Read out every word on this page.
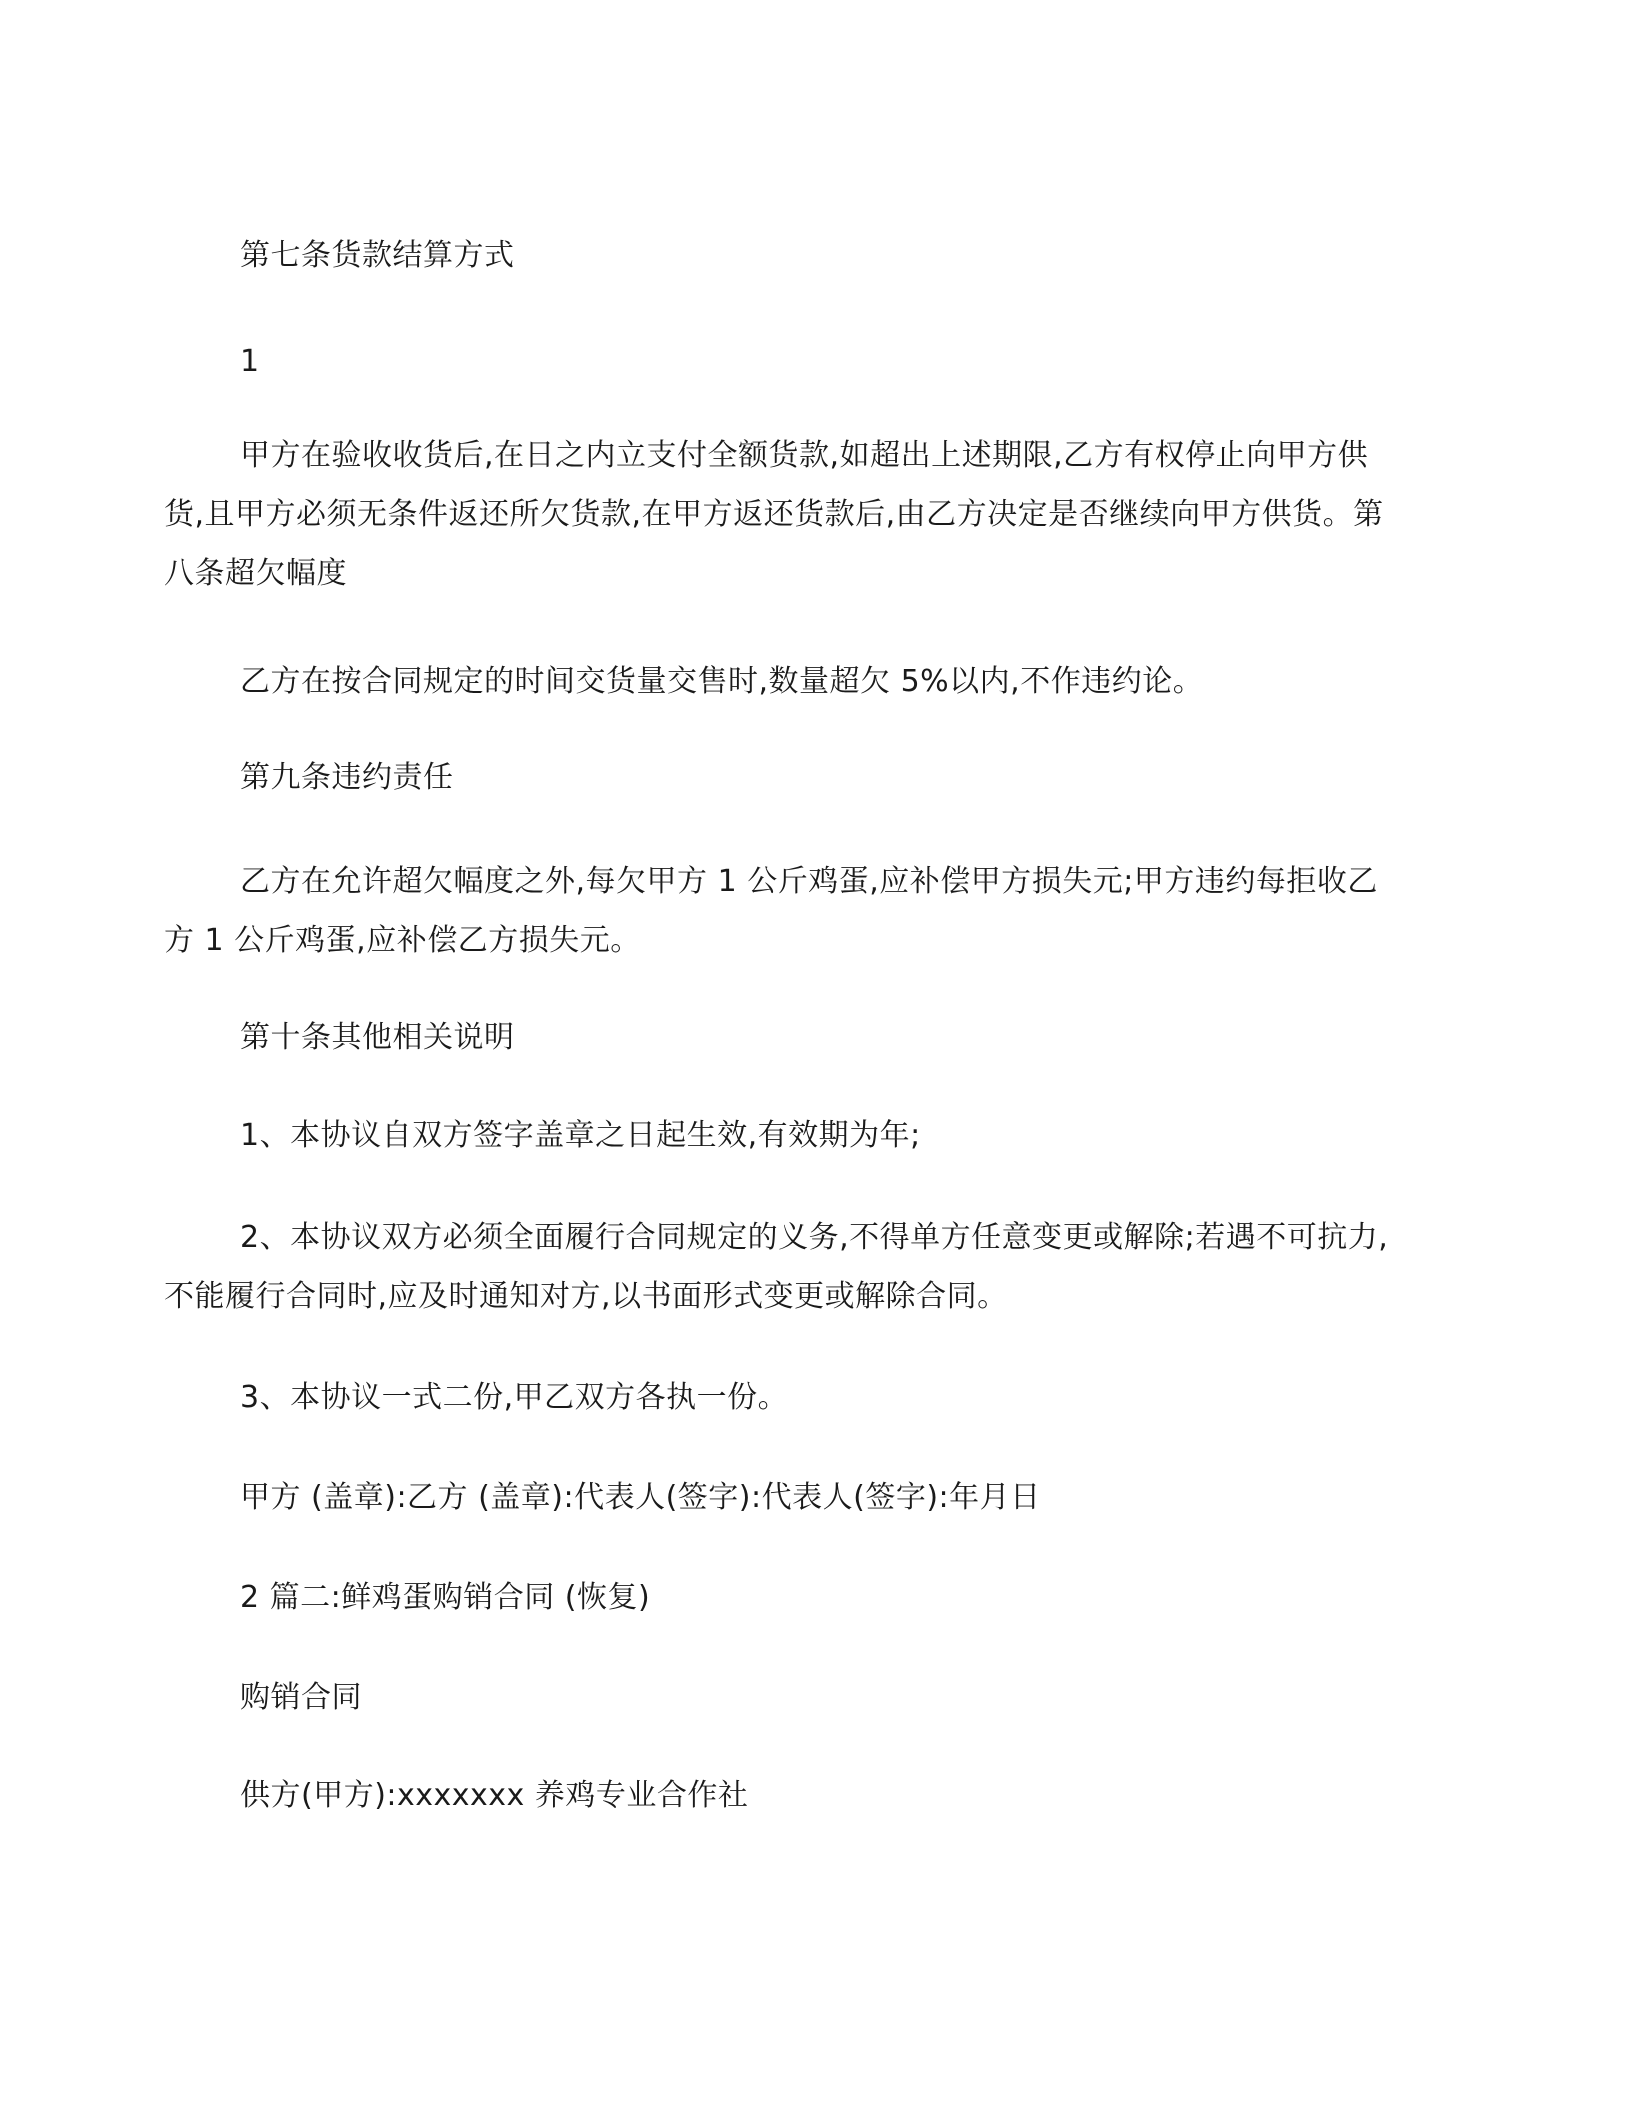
第七条货款结算方式
1
甲方在验收收货后,在日之内立支付全额货款,如超出上述期限,乙方有权停止向甲方供货,且甲方必须无条件返还所欠货款,在甲方返还货款后,由乙方决定是否继续向甲方供货。第八条超欠幅度
乙方在按合同规定的时间交货量交售时,数量超欠 5%以内,不作违约论。
第九条违约责任
乙方在允许超欠幅度之外,每欠甲方 1 公斤鸡蛋,应补偿甲方损失元;甲方违约每拒收乙方 1 公斤鸡蛋,应补偿乙方损失元。
第十条其他相关说明
1、本协议自双方签字盖章之日起生效,有效期为年;
2、本协议双方必须全面履行合同规定的义务,不得单方任意变更或解除;若遇不可抗力,不能履行合同时,应及时通知对方,以书面形式变更或解除合同。
3、本协议一式二份,甲乙双方各执一份。
甲方 (盖章):乙方 (盖章):代表人(签字):代表人(签字):年月日
2 篇二:鲜鸡蛋购销合同 (恢复)
购销合同
供方(甲方):xxxxxxx 养鸡专业合作社
